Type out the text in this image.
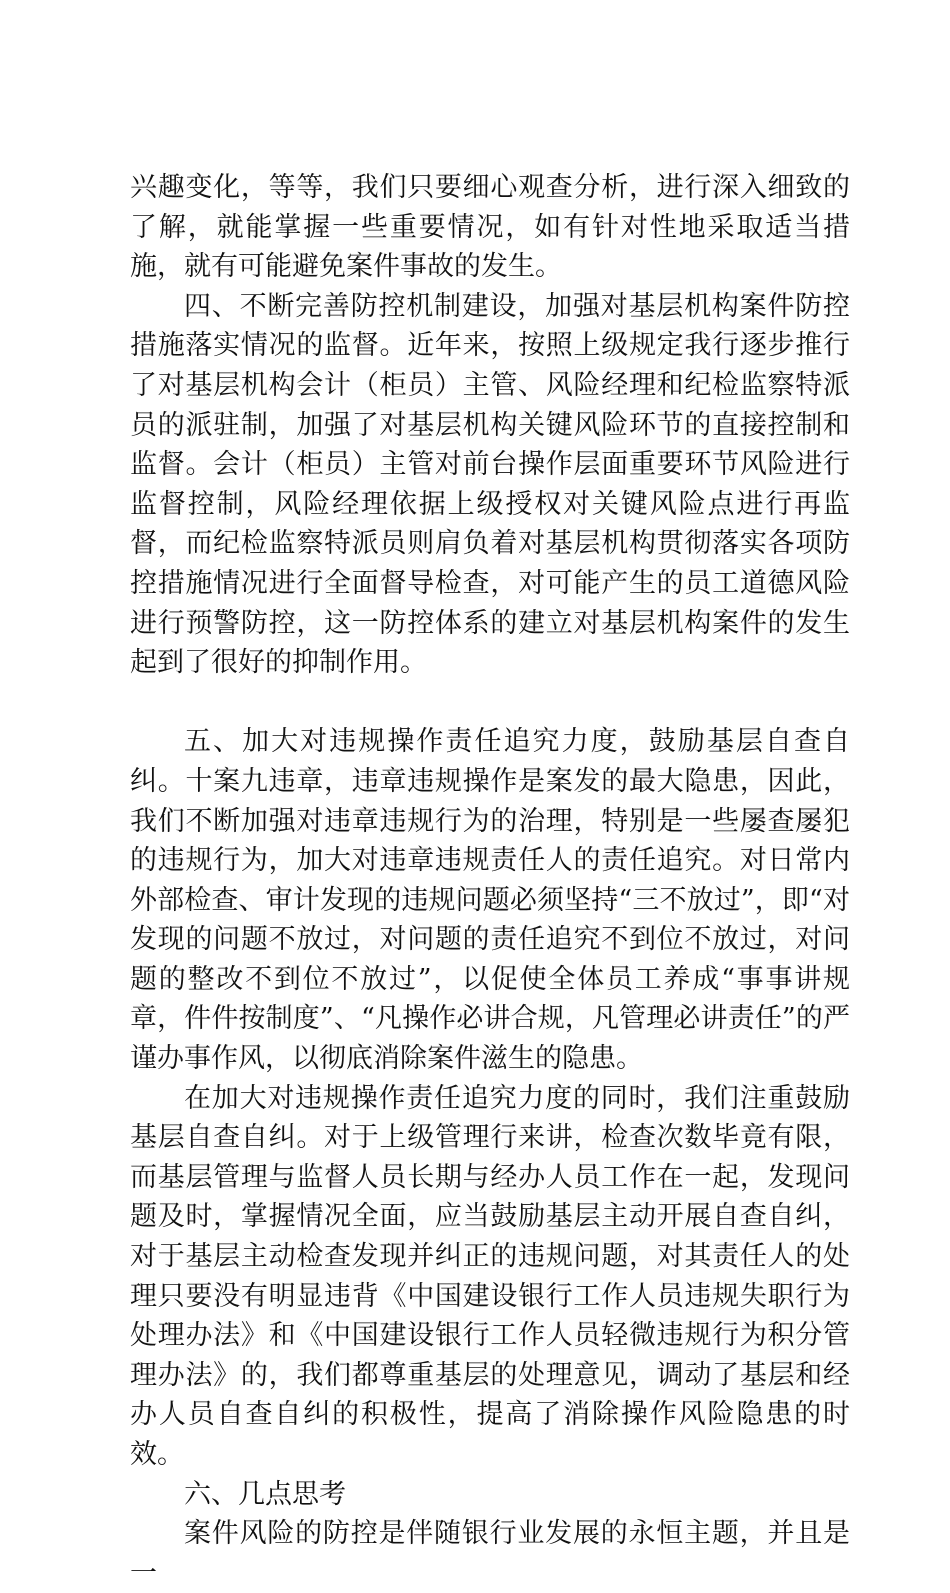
兴趣变化，等等，我们只要细心观查分析，进行深入细致的了解，就能掌握一些重要情况，如有针对性地采取适当措施，就有可能避免案件事故的发生。

四、不断完善防控机制建设，加强对基层机构案件防控措施落实情况的监督。近年来，按照上级规定我行逐步推行了对基层机构会计（柜员）主管、风险经理和纪检监察特派员的派驻制，加强了对基层机构关键风险环节的直接控制和监督。会计（柜员）主管对前台操作层面重要环节风险进行监督控制，风险经理依据上级授权对关键风险点进行再监督，而纪检监察特派员则肩负着对基层机构贯彻落实各项防控措施情况进行全面督导检查，对可能产生的员工道德风险进行预警防控，这一防控体系的建立对基层机构案件的发生起到了很好的抑制作用。

五、加大对违规操作责任追究力度，鼓励基层自查自纠。十案九违章，违章违规操作是案发的最大隐患，因此，我们不断加强对违章违规行为的治理，特别是一些屡查屡犯的违规行为，加大对违章违规责任人的责任追究。对日常内外部检查、审计发现的违规问题必须坚持“三不放过”，即“对发现的问题不放过，对问题的责任追究不到位不放过，对问题的整改不到位不放过”，以促使全体员工养成“事事讲规章，件件按制度”、“凡操作必讲合规，凡管理必讲责任”的严谨办事作风，以彻底消除案件滋生的隐患。

在加大对违规操作责任追究力度的同时，我们注重鼓励基层自查自纠。对于上级管理行来讲，检查次数毕竟有限，而基层管理与监督人员长期与经办人员工作在一起，发现问题及时，掌握情况全面，应当鼓励基层主动开展自查自纠，对于基层主动检查发现并纠正的违规问题，对其责任人的处理只要没有明显违背《中国建设银行工作人员违规失职行为处理办法》和《中国建设银行工作人员轻微违规行为积分管理办法》的，我们都尊重基层的处理意见，调动了基层和经办人员自查自纠的积极性，提高了消除操作风险隐患的时效。

六、几点思考

案件风险的防控是伴随银行业发展的永恒主题，并且是一
